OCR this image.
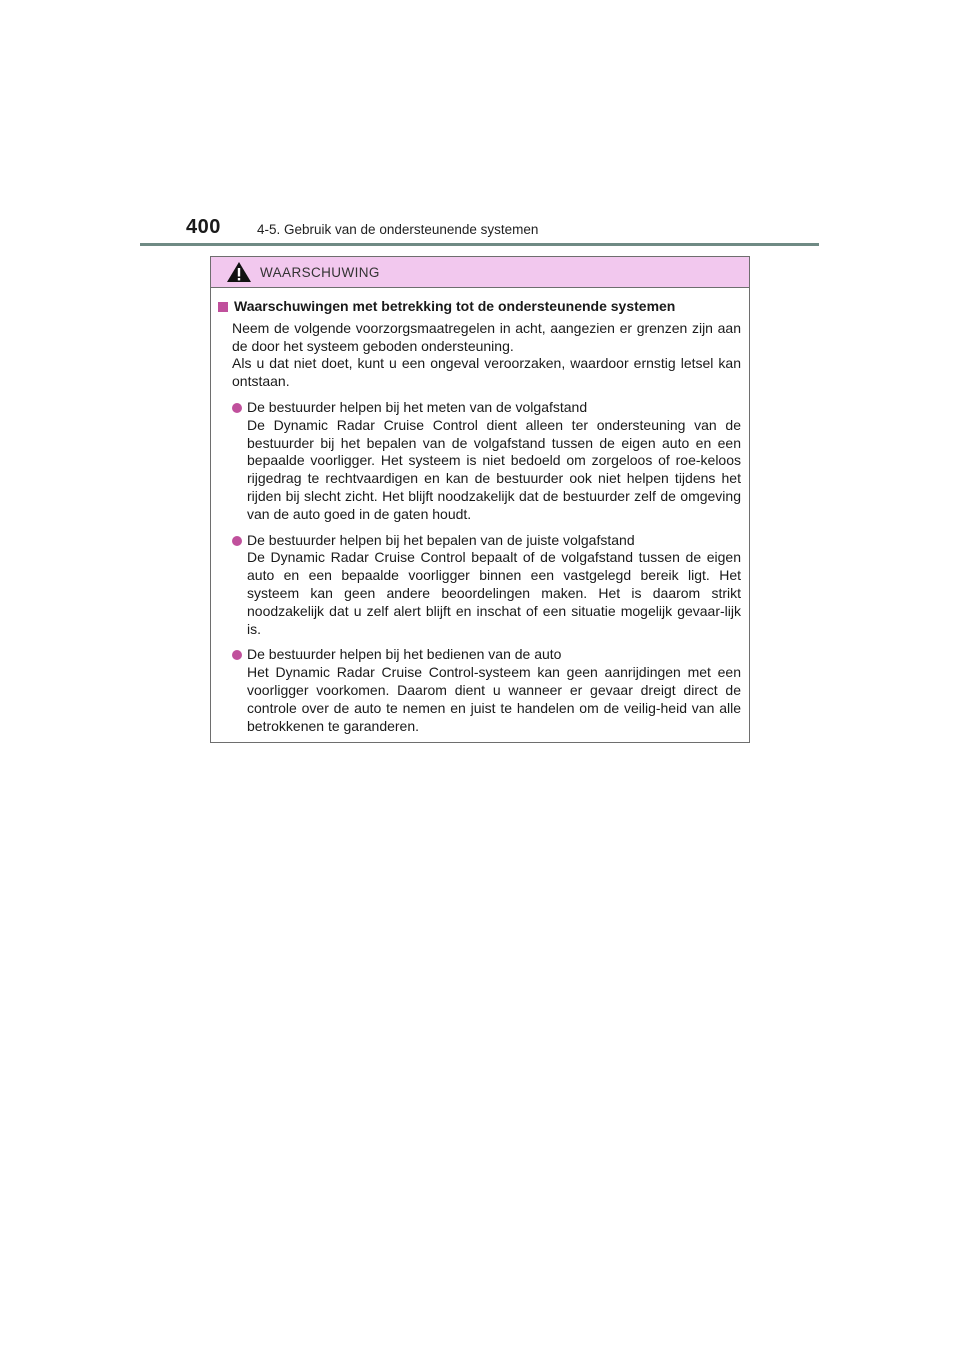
400	4-5. Gebruik van de ondersteunende systemen
WAARSCHUWING
Waarschuwingen met betrekking tot de ondersteunende systemen

Neem de volgende voorzorgsmaatregelen in acht, aangezien er grenzen zijn aan de door het systeem geboden ondersteuning.

Als u dat niet doet, kunt u een ongeval veroorzaken, waardoor ernstig letsel kan ontstaan.

De bestuurder helpen bij het meten van de volgafstand

De Dynamic Radar Cruise Control dient alleen ter ondersteuning van de bestuurder bij het bepalen van de volgafstand tussen de eigen auto en een bepaalde voorligger. Het systeem is niet bedoeld om zorgeloos of roe-keloos rijgedrag te rechtvaardigen en kan de bestuurder ook niet helpen tijdens het rijden bij slecht zicht. Het blijft noodzakelijk dat de bestuurder zelf de omgeving van de auto goed in de gaten houdt.

De bestuurder helpen bij het bepalen van de juiste volgafstand

De Dynamic Radar Cruise Control bepaalt of de volgafstand tussen de eigen auto en een bepaalde voorligger binnen een vastgelegd bereik ligt. Het systeem kan geen andere beoordelingen maken. Het is daarom strikt noodzakelijk dat u zelf alert blijft en inschat of een situatie mogelijk gevaar-lijk is.

De bestuurder helpen bij het bedienen van de auto

Het Dynamic Radar Cruise Control-systeem kan geen aanrijdingen met een voorligger voorkomen. Daarom dient u wanneer er gevaar dreigt direct de controle over de auto te nemen en juist te handelen om de veilig-heid van alle betrokkenen te garanderen.
